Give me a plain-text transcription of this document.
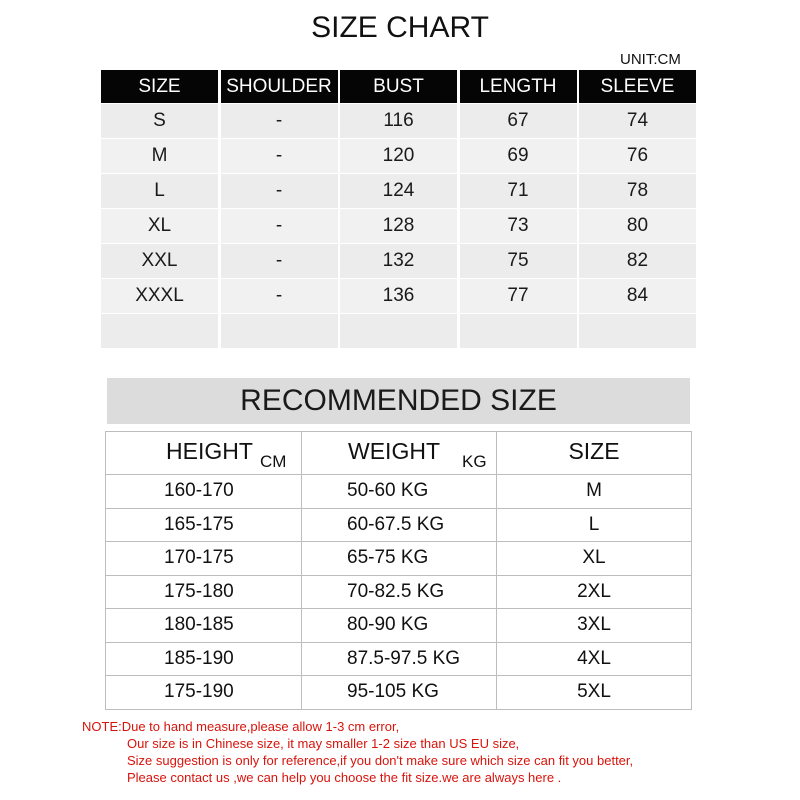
SIZE CHART
UNIT:CM
SIZE	SHOULDER	BUST	LENGTH	SLEEVE
S	-	116	67	74
M	-	120	69	76
L	-	124	71	78
XL	-	128	73	80
XXL	-	132	75	82
XXXL	-	136	77	84
RECOMMENDED SIZE
HEIGHT CM	WEIGHT KG	SIZE

160-170	50-60 KG	M
165-175	60-67.5 KG	L
170-175	65-75 KG	XL
175-180	70-82.5 KG	2XL
180-185	80-90 KG	3XL
185-190	87.5-97.5 KG	4XL
175-190	95-105 KG	5XL
NOTE:Due to hand measure,please allow 1-3 cm error,
Our size is in Chinese size, it may smaller 1-2 size than US EU size,
Size suggestion is only for reference,if you don't make sure which size can fit you better,
Please contact us ,we can help you choose the fit size.we are always here .
